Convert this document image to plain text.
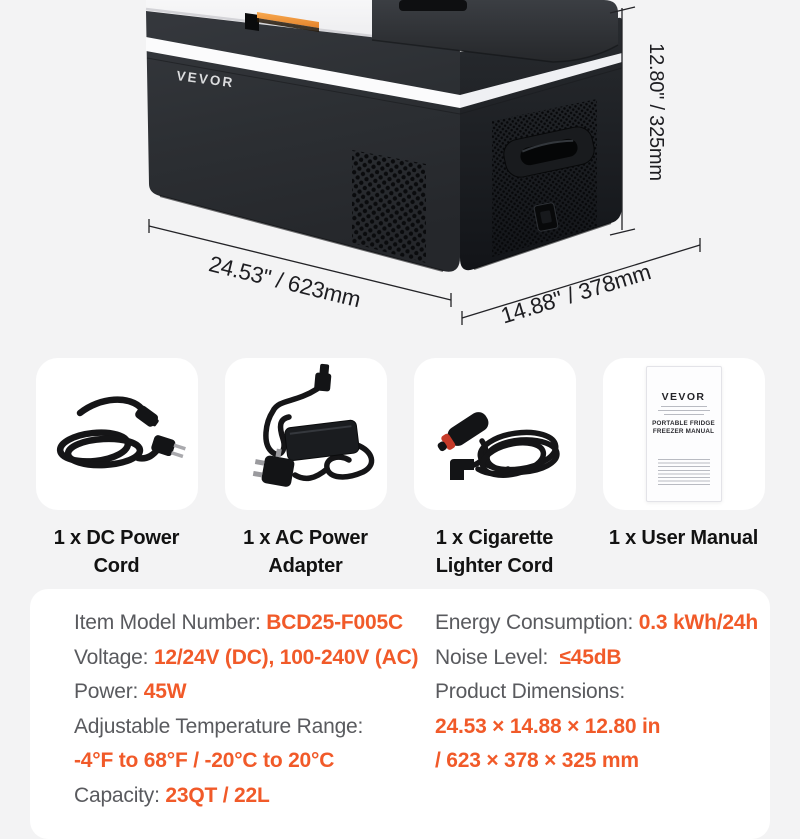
VEVOR	12.80" / 325mm
24.53" / 623mm	14.88" / 378mm
1 x DC Power Cord
1 x AC Power Adapter
1 x Cigarette Lighter Cord
VEVOR
PORTABLE FRIDGE
FREEZER MANUAL
1 x User Manual
Item Model Number: BCD25-F005C
Voltage: 12/24V (DC), 100-240V (AC)
Power: 45W
Adjustable Temperature Range:
-4°F to 68°F / -20°C to 20°C
Capacity: 23QT / 22L
Energy Consumption: 0.3 kWh/24h
Noise Level:  ≤45dB
Product Dimensions:
24.53 × 14.88 × 12.80 in
/ 623 × 378 × 325 mm
